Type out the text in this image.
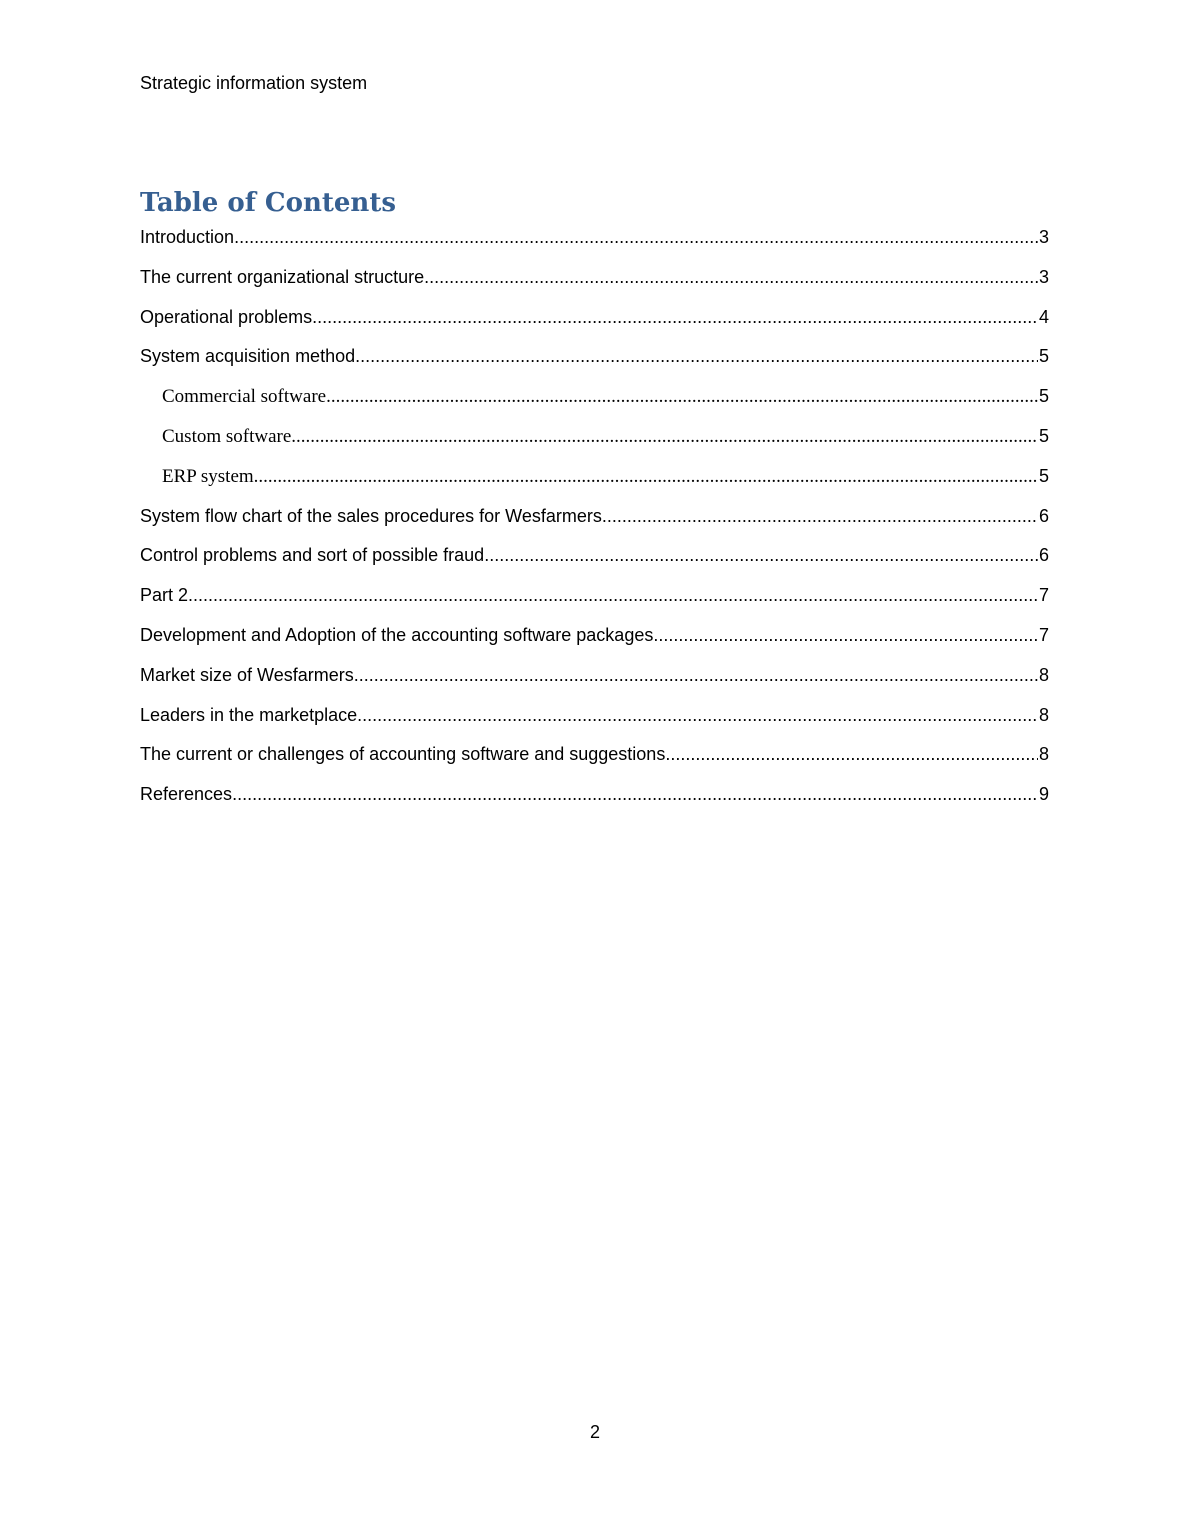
Strategic information system
Table of Contents
Introduction .....	3
The current organizational structure .....	3
Operational problems .....	4
System acquisition method .....	5
Commercial software .....	5
Custom software .....	5
ERP system .....	5
System flow chart of the sales procedures for Wesfarmers .....	6
Control problems and sort of possible fraud .....	6
Part 2 .....	7
Development and Adoption of the accounting software packages .....	7
Market size of Wesfarmers .....	8
Leaders in the marketplace .....	8
The current or challenges of accounting software and suggestions .....	8
References .....	9
2
